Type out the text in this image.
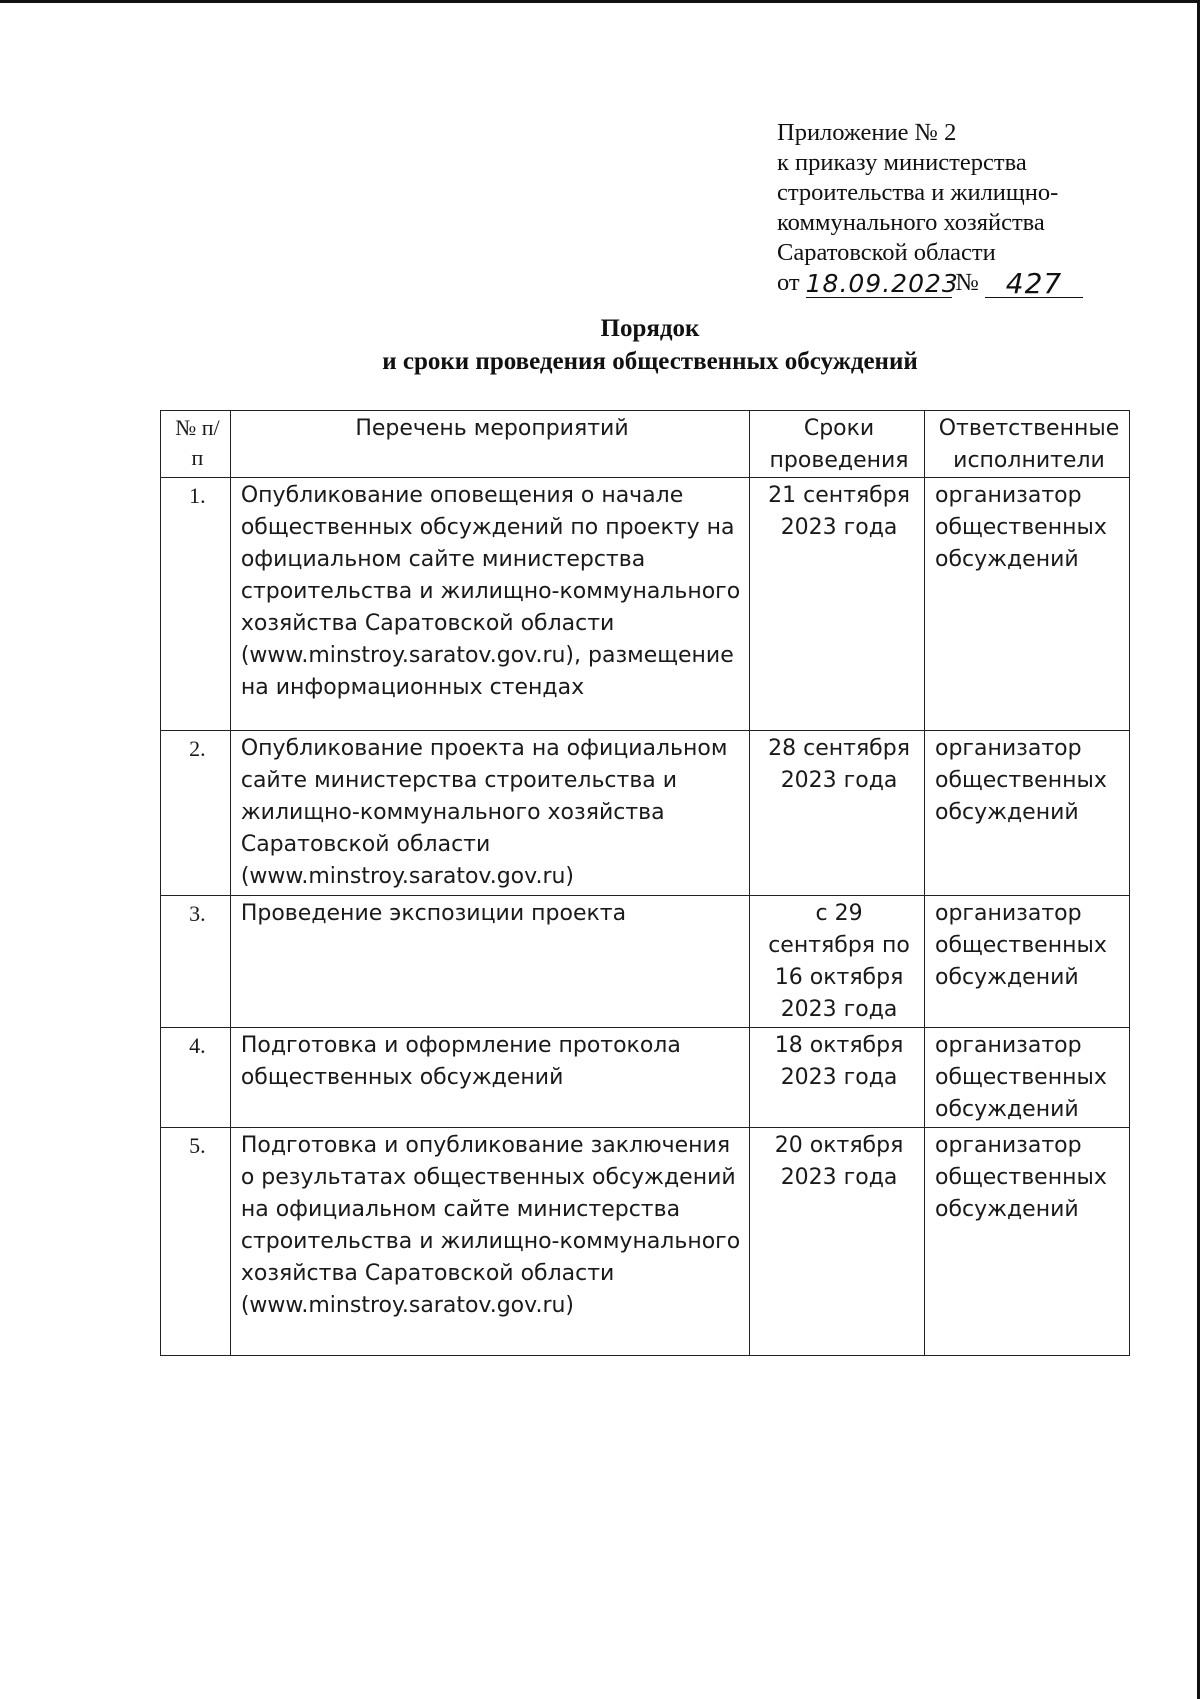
Приложение № 2
к приказу министерства
строительства и жилищно-
коммунального хозяйства
Саратовской области
от 18.09.2023
№ 427
Порядок
и сроки проведения общественных обсуждений
№ п/п	Перечень мероприятий	Сроки проведения	Ответственные исполнители
1.	Опубликование оповещения о начале общественных обсуждений по проекту на официальном сайте министерства строительства и жилищно-коммунального хозяйства Саратовской области (www.minstroy.saratov.gov.ru), размещение на информационных стендах	21 сентября 2023 года	организатор общественных обсуждений
2.	Опубликование проекта на официальном сайте министерства строительства и жилищно-коммунального хозяйства Саратовской области (www.minstroy.saratov.gov.ru)	28 сентября 2023 года	организатор общественных обсуждений
3.	Проведение экспозиции проекта	с 29 сентября по 16 октября 2023 года	организатор общественных обсуждений
4.	Подготовка и оформление протокола общественных обсуждений	18 октября 2023 года	организатор общественных обсуждений
5.	Подготовка и опубликование заключения о результатах общественных обсуждений на официальном сайте министерства строительства и жилищно-коммунального хозяйства Саратовской области (www.minstroy.saratov.gov.ru)	20 октября 2023 года	организатор общественных обсуждений
